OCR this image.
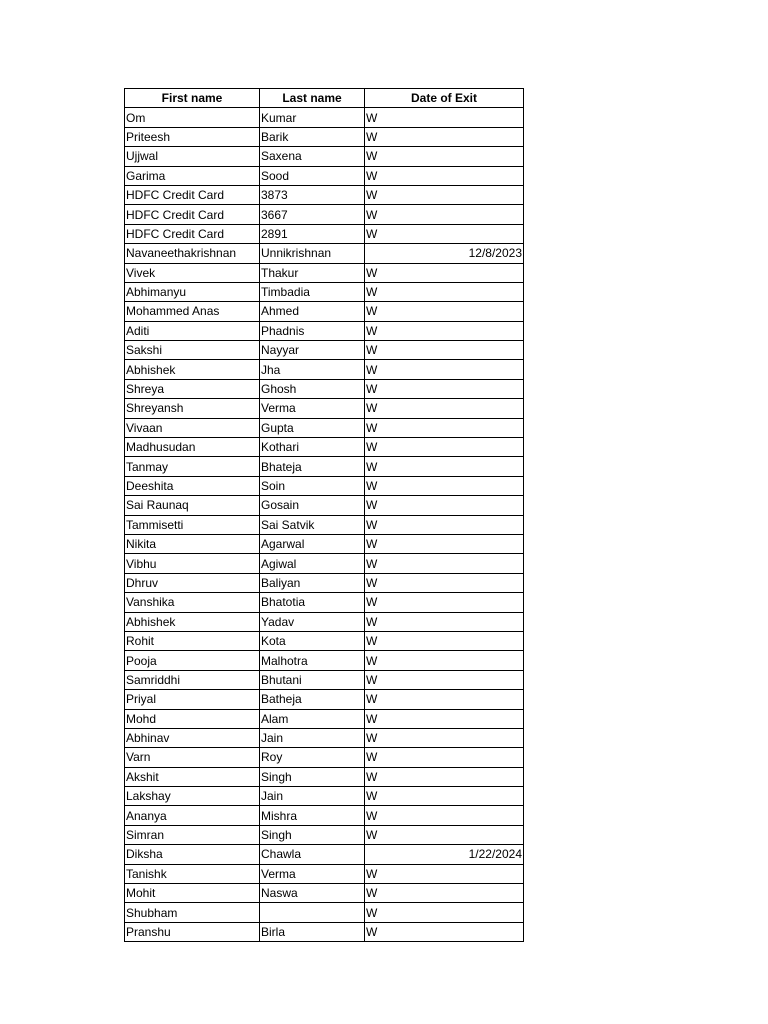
First name	Last name	Date of Exit
Om	Kumar	W
Priteesh	Barik	W
Ujjwal	Saxena	W
Garima	Sood	W
HDFC Credit Card	3873	W
HDFC Credit Card	3667	W
HDFC Credit Card	2891	W
Navaneethakrishnan	Unnikrishnan	12/8/2023
Vivek	Thakur	W
Abhimanyu	Timbadia	W
Mohammed Anas	Ahmed	W
Aditi	Phadnis	W
Sakshi	Nayyar	W
Abhishek	Jha	W
Shreya	Ghosh	W
Shreyansh	Verma	W
Vivaan	Gupta	W
Madhusudan	Kothari	W
Tanmay	Bhateja	W
Deeshita	Soin	W
Sai Raunaq	Gosain	W
Tammisetti	Sai Satvik	W
Nikita	Agarwal	W
Vibhu	Agiwal	W
Dhruv	Baliyan	W
Vanshika	Bhatotia	W
Abhishek	Yadav	W
Rohit	Kota	W
Pooja	Malhotra	W
Samriddhi	Bhutani	W
Priyal	Batheja	W
Mohd	Alam	W
Abhinav	Jain	W
Varn	Roy	W
Akshit	Singh	W
Lakshay	Jain	W
Ananya	Mishra	W
Simran	Singh	W
Diksha	Chawla	1/22/2024
Tanishk	Verma	W
Mohit	Naswa	W
Shubham		W
Pranshu	Birla	W
